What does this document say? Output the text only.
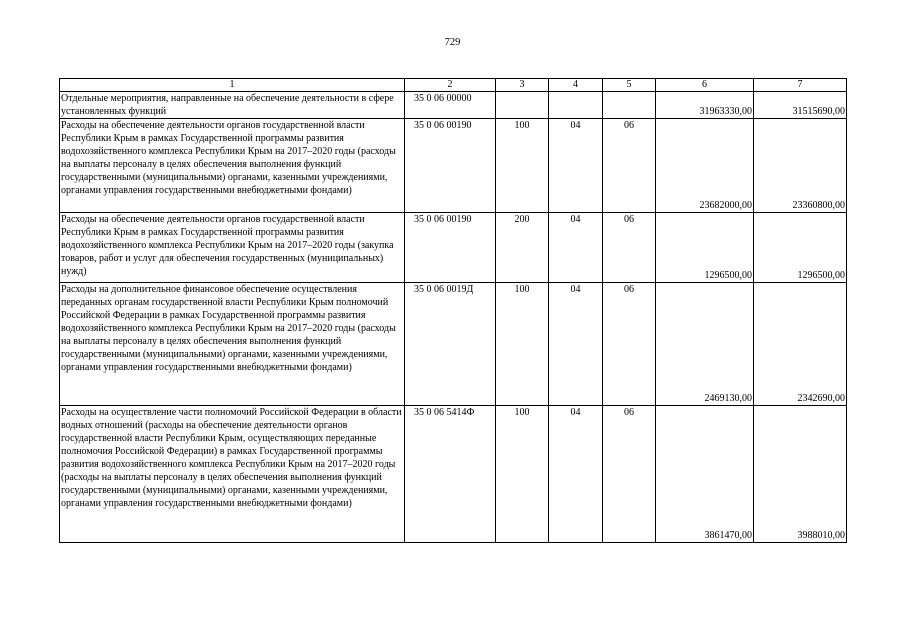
729
1	2	3	4	5	6	7
Отдельные мероприятия, направленные на обеспечение деятельности в сфере установленных функций	35 0 06 00000				31963330,00	31515690,00
Расходы на обеспечение деятельности органов государственной власти Республики Крым в рамках Государственной программы развития водохозяйственного комплекса Республики Крым на 2017–2020 годы (расходы на выплаты персоналу в целях обеспечения выполнения функций государственными (муниципальными) органами, казенными учреждениями, органами управления государственными внебюджетными фондами)	35 0 06 00190	100	04	06	23682000,00	23360800,00
Расходы на обеспечение деятельности органов государственной власти Республики Крым в рамках Государственной программы развития водохозяйственного комплекса Республики Крым на 2017–2020 годы (закупка товаров, работ и услуг для обеспечения государственных (муниципальных) нужд)	35 0 06 00190	200	04	06	1296500,00	1296500,00
Расходы на дополнительное финансовое обеспечение осуществления переданных органам государственной власти Республики Крым полномочий Российской Федерации в рамках Государственной программы развития водохозяйственного комплекса Республики Крым на 2017–2020 годы (расходы на выплаты персоналу в целях обеспечения выполнения функций государственными (муниципальными) органами, казенными учреждениями, органами управления государственными внебюджетными фондами)	35 0 06 0019Д	100	04	06	2469130,00	2342690,00
Расходы на осуществление части полномочий Российской Федерации в области водных отношений (расходы на обеспечение деятельности органов государственной власти Республики Крым, осуществляющих переданные полномочия Российской Федерации) в рамках Государственной программы развития водохозяйственного комплекса Республики Крым на 2017–2020 годы (расходы на выплаты персоналу в целях обеспечения выполнения функций государственными (муниципальными) органами, казенными учреждениями, органами управления государственными внебюджетными фондами)	35 0 06 5414Ф	100	04	06	3861470,00	3988010,00
